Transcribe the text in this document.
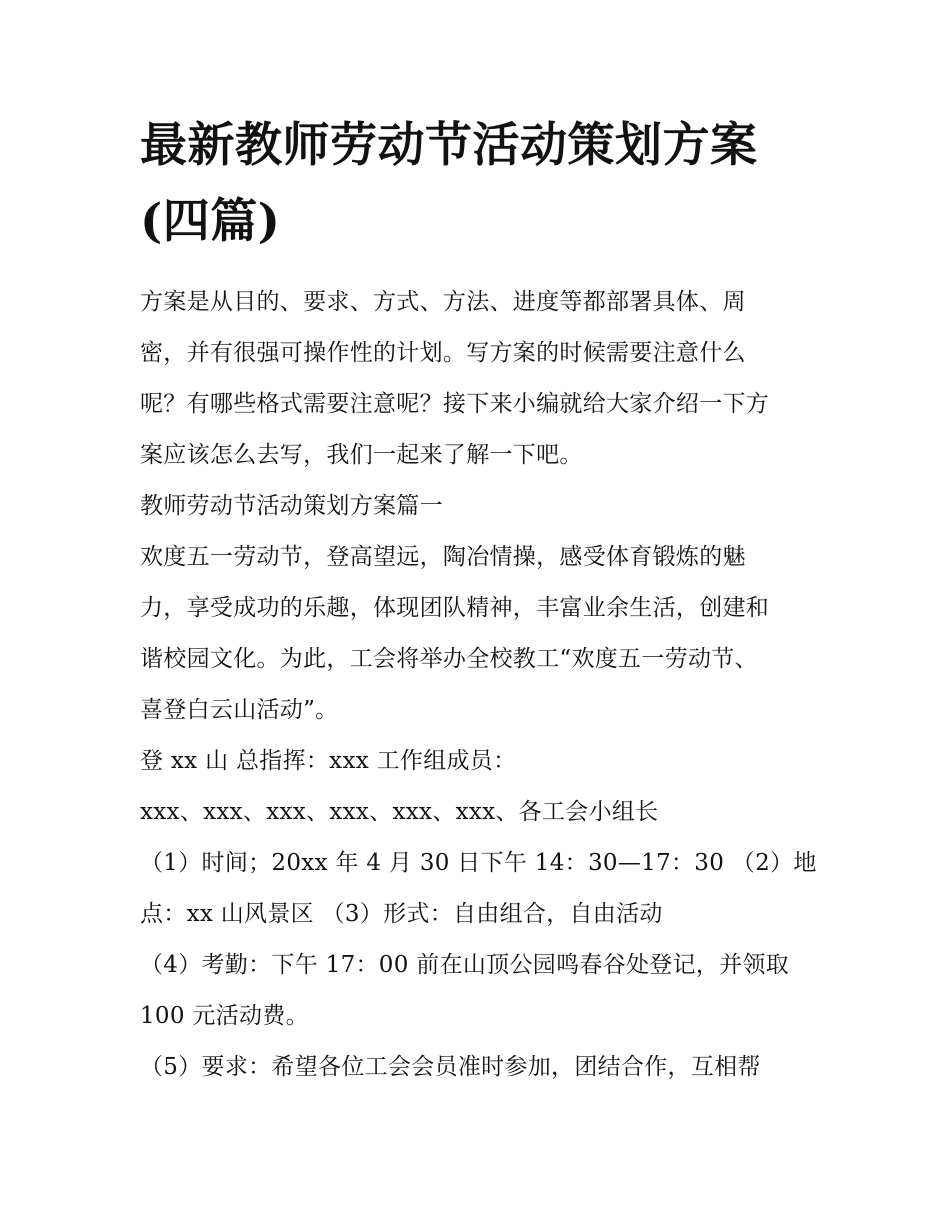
最新教师劳动节活动策划方案
(四篇)
方案是从目的、要求、方式、方法、进度等都部署具体、周
密，并有很强可操作性的计划。写方案的时候需要注意什么
呢？有哪些格式需要注意呢？接下来小编就给大家介绍一下方
案应该怎么去写，我们一起来了解一下吧。
教师劳动节活动策划方案篇一
欢度五一劳动节，登高望远，陶冶情操，感受体育锻炼的魅
力，享受成功的乐趣，体现团队精神，丰富业余生活，创建和
谐校园文化。为此，工会将举办全校教工“欢度五一劳动节、
喜登白云山活动”。
登 xx 山 总指挥：xxx 工作组成员：
xxx、xxx、xxx、xxx、xxx、xxx、各工会小组长
（1）时间；20xx 年 4 月 30 日下午 14：30—17：30 （2）地
点：xx 山风景区 （3）形式：自由组合，自由活动
（4）考勤：下午 17：00 前在山顶公园鸣春谷处登记，并领取
100 元活动费。
（5）要求：希望各位工会会员准时参加，团结合作，互相帮
